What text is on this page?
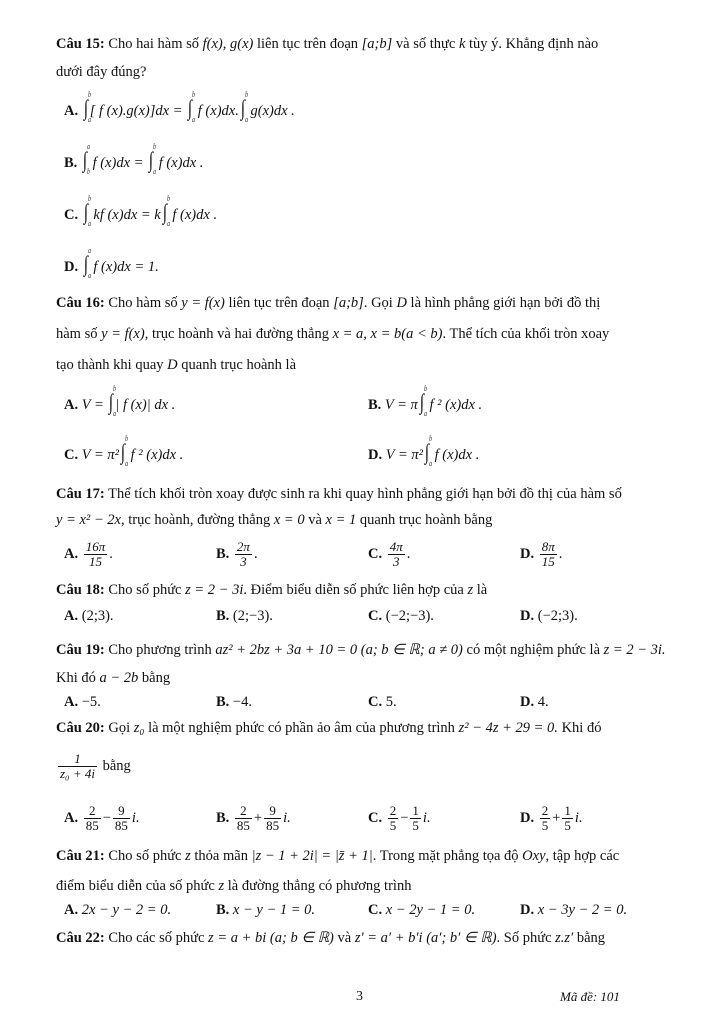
Câu 15: Cho hai hàm số f(x), g(x) liên tục trên đoạn [a;b] và số thực k tùy ý. Khẳng định nào
dưới đây đúng?
A. ∫
b
a
[ f (x).g(x)]dx = ∫
b
a
f (x)dx.∫
b
a
g(x)dx .
B. ∫
a
b
f (x)dx = ∫
b
a
f (x)dx .
C. ∫
b
a
kf (x)dx = k∫
b
a
f (x)dx .
D. ∫
a
a
f (x)dx = 1.
Câu 16: Cho hàm số y = f(x) liên tục trên đoạn [a;b]. Gọi D là hình phẳng giới hạn bởi đồ thị
hàm số y = f(x), trục hoành và hai đường thẳng x = a, x = b(a < b). Thể tích của khối tròn xoay
tạo thành khi quay D quanh trục hoành là
A. V = ∫
b
a
| f (x)| dx .	B. V = π∫
b
a
f ² (x)dx .
C. V = π²∫
b
a
f ² (x)dx .	D. V = π²∫
b
a
f (x)dx .
Câu 17: Thể tích khối tròn xoay được sinh ra khi quay hình phẳng giới hạn bởi đồ thị của hàm số
y = x² − 2x, trục hoành, đường thẳng x = 0 và x = 1 quanh trục hoành bằng
A. $\frac{16\pi}{15}$ .	B. $\frac{2\pi}{3}$ .	C. $\frac{4\pi}{3}$ .	D. $\frac{8\pi}{15}$ .
Câu 18: Cho số phức z = 2 − 3i. Điểm biểu diễn số phức liên hợp của z là
A. (2;3).	B. (2;−3).	C. (−2;−3).	D. (−2;3).
Câu 19: Cho phương trình az² + 2bz + 3a + 10 = 0 (a; b ∈ ℝ; a ≠ 0) có một nghiệm phức là z = 2 − 3i.
Khi đó a − 2b bằng
A. −5.	B. −4.	C. 5.	D. 4.
Câu 20: Gọi z₀ là một nghiệm phức có phần ảo âm của phương trình z² − 4z + 29 = 0. Khi đó
$\frac{1}{\text{z₀ + 4i}}$ bằng
A. $\frac{2}{85} - \frac{9}{85} i$.	B. $\frac{2}{85} + \frac{9}{85} i$.	C. $\frac{2}{5} - \frac{1}{5} i$.	D. $\frac{2}{5} + \frac{1}{5} i$.
Câu 21: Cho số phức z thỏa mãn |z − 1 + 2i| = |z̄ + 1|. Trong mặt phẳng tọa độ Oxy, tập hợp các
điểm biểu diễn của số phức z là đường thẳng có phương trình
A. 2x − y − 2 = 0.	B. x − y − 1 = 0.	C. x − 2y − 1 = 0.	D. x − 3y − 2 = 0.
Câu 22: Cho các số phức z = a + bi (a; b ∈ ℝ) và z′ = a′ + b′i (a′; b′ ∈ ℝ). Số phức z.z′ bằng
3	Mã đề: 101
